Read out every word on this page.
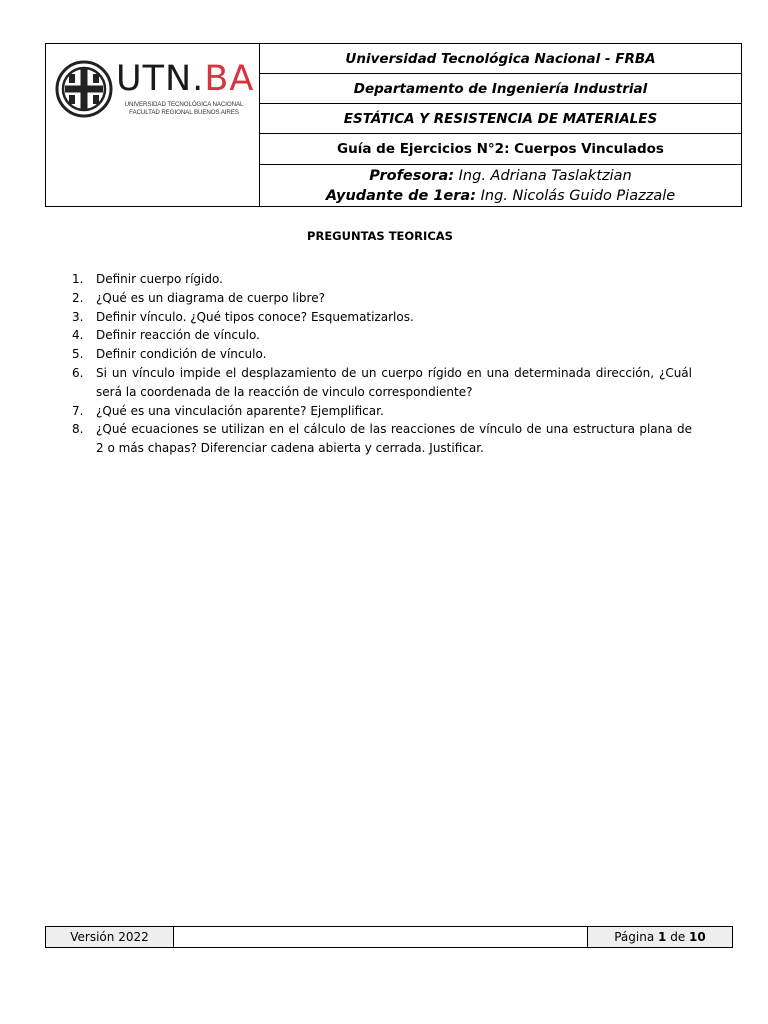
UTN.BA
UNIVERSIDAD TECNOLÓGICA NACIONAL
FACULTAD REGIONAL BUENOS AIRES
Universidad Tecnológica Nacional - FRBA
Departamento de Ingeniería Industrial
ESTÁTICA Y RESISTENCIA DE MATERIALES
Guía de Ejercicios N°2: Cuerpos Vinculados
Profesora: Ing. Adriana Taslaktzian
Ayudante de 1era: Ing. Nicolás Guido Piazzale
PREGUNTAS TEORICAS
1.	Definir cuerpo rígido.
2.	¿Qué es un diagrama de cuerpo libre?
3.	Definir vínculo. ¿Qué tipos conoce? Esquematizarlos.
4.	Definir reacción de vínculo.
5.	Definir condición de vínculo.
6.	Si un vínculo impide el desplazamiento de un cuerpo rígido en una determinada dirección, ¿Cuál será la coordenada de la reacción de vinculo correspondiente?
7.	¿Qué es una vinculación aparente? Ejemplificar.
8.	¿Qué ecuaciones se utilizan en el cálculo de las reacciones de vínculo de una estructura plana de 2 o más chapas? Diferenciar cadena abierta y cerrada. Justificar.
Versión 2022	Página
1
de
10
